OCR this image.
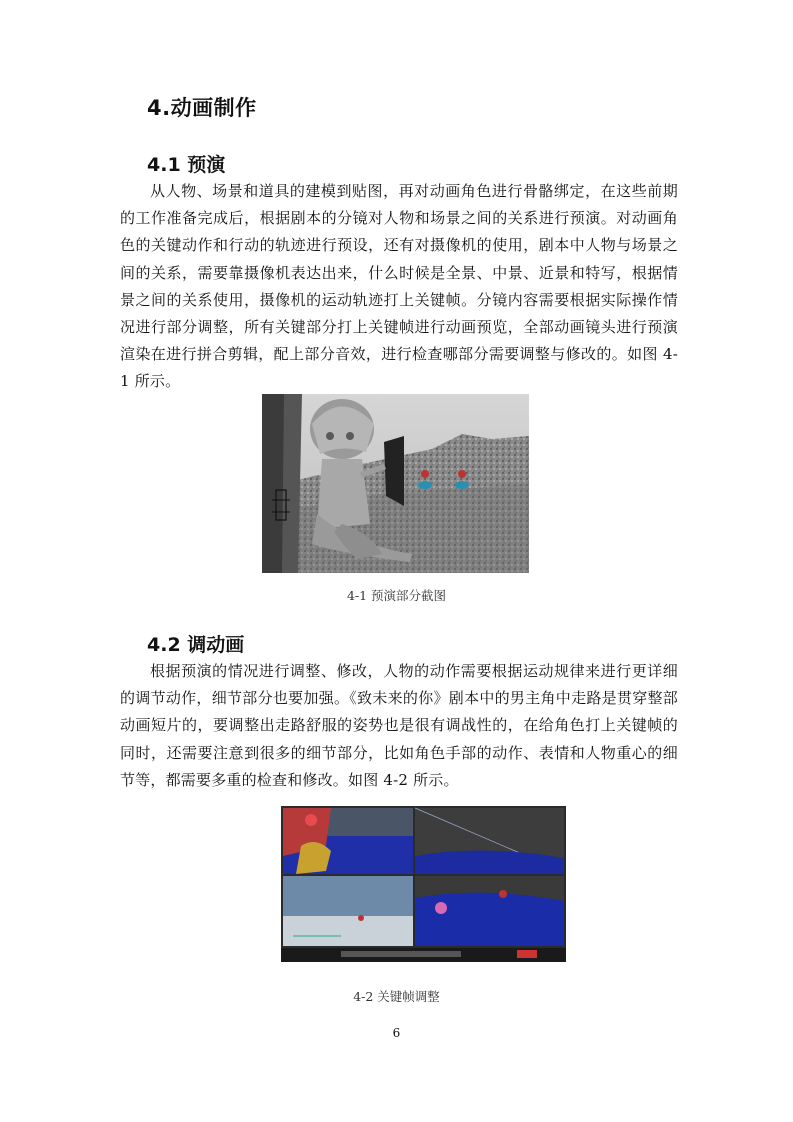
4.动画制作
4.1 预演

从人物、场景和道具的建模到贴图，再对动画角色进行骨骼绑定，在这些前期的工作准备完成后，根据剧本的分镜对人物和场景之间的关系进行预演。对动画角色的关键动作和行动的轨迹进行预设，还有对摄像机的使用，剧本中人物与场景之间的关系，需要靠摄像机表达出来，什么时候是全景、中景、近景和特写，根据情景之间的关系使用，摄像机的运动轨迹打上关键帧。分镜内容需要根据实际操作情况进行部分调整，所有关键部分打上关键帧进行动画预览，全部动画镜头进行预演渲染在进行拼合剪辑，配上部分音效，进行检查哪部分需要调整与修改的。如图 4-1 所示。

4-1 预演部分截图
4.2 调动画

根据预演的情况进行调整、修改，人物的动作需要根据运动规律来进行更详细的调节动作，细节部分也要加强。《致未来的你》剧本中的男主角中走路是贯穿整部动画短片的，要调整出走路舒服的姿势也是很有调战性的，在给角色打上关键帧的同时，还需要注意到很多的细节部分，比如角色手部的动作、表情和人物重心的细节等，都需要多重的检查和修改。如图 4-2 所示。

4-2 关键帧调整
6
